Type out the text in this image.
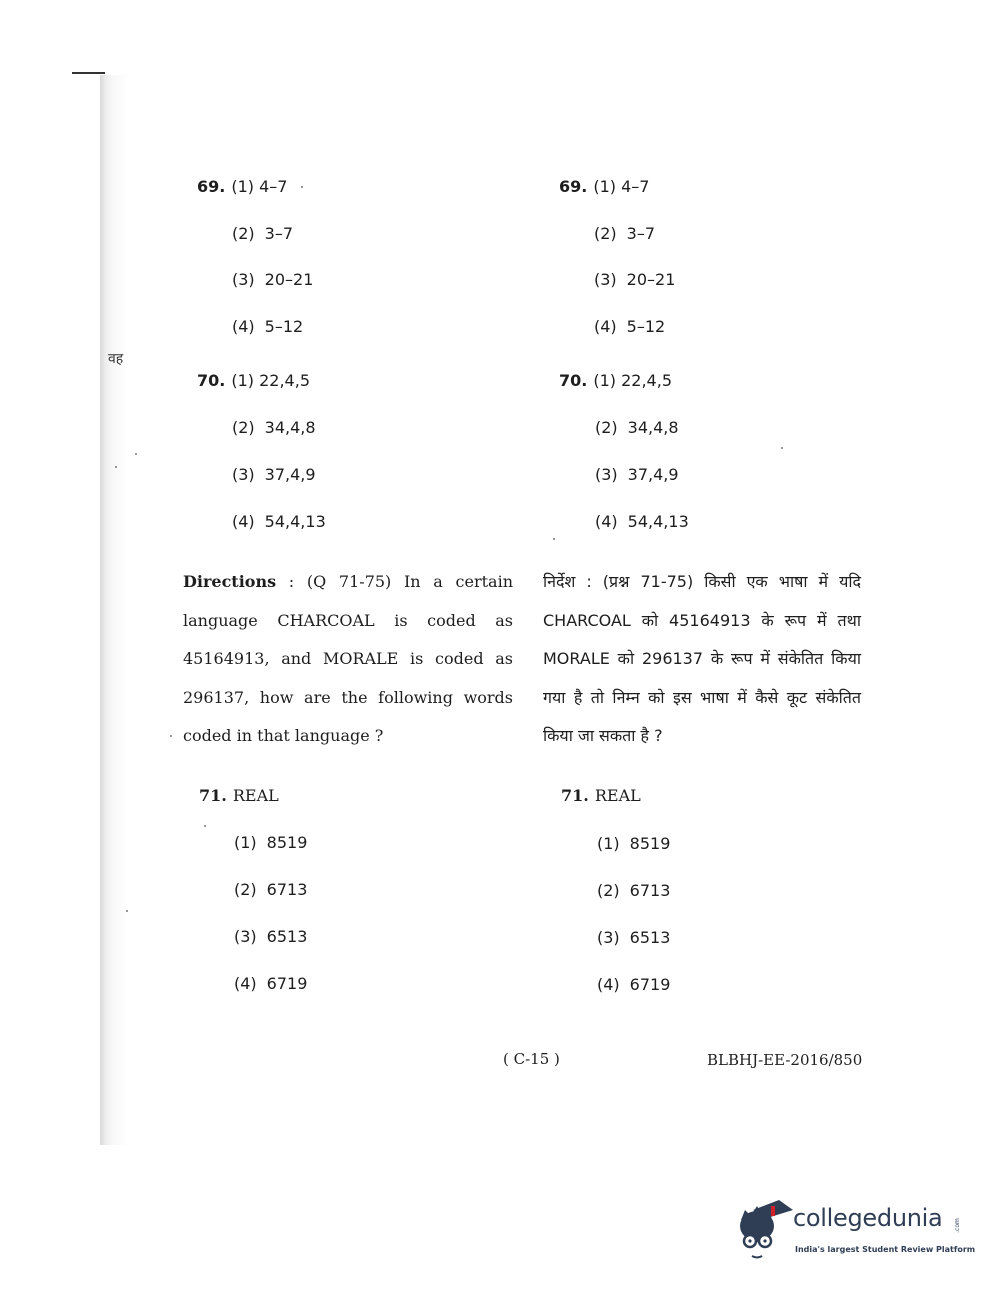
वह
69. (1) 4–7
(2) 3–7
(3) 20–21
(4) 5–12
70. (1) 22,4,5
(2) 34,4,8
(3) 37,4,9
(4) 54,4,13
69. (1) 4–7
(2) 3–7
(3) 20–21
(4) 5–12
70. (1) 22,4,5
(2) 34,4,8
(3) 37,4,9
(4) 54,4,13
Directions : (Q 71-75) In a certain language CHARCOAL is coded as 45164913, and MORALE is coded as 296137, how are the following words coded in that language ?
निर्देश : (प्रश्न 71-75) किसी एक भाषा में यदि CHARCOAL को 45164913 के रूप में तथा MORALE को 296137 के रूप में संकेतित किया गया है तो निम्न को इस भाषा में कैसे कूट संकेतित किया जा सकता है ?
71. REAL
(1) 8519
(2) 6713
(3) 6513
(4) 6719
71. REAL
(1) 8519
(2) 6713
(3) 6513
(4) 6719
( C-15 )	BLBHJ-EE-2016/850
collegedunia .com
India's largest Student Review Platform
